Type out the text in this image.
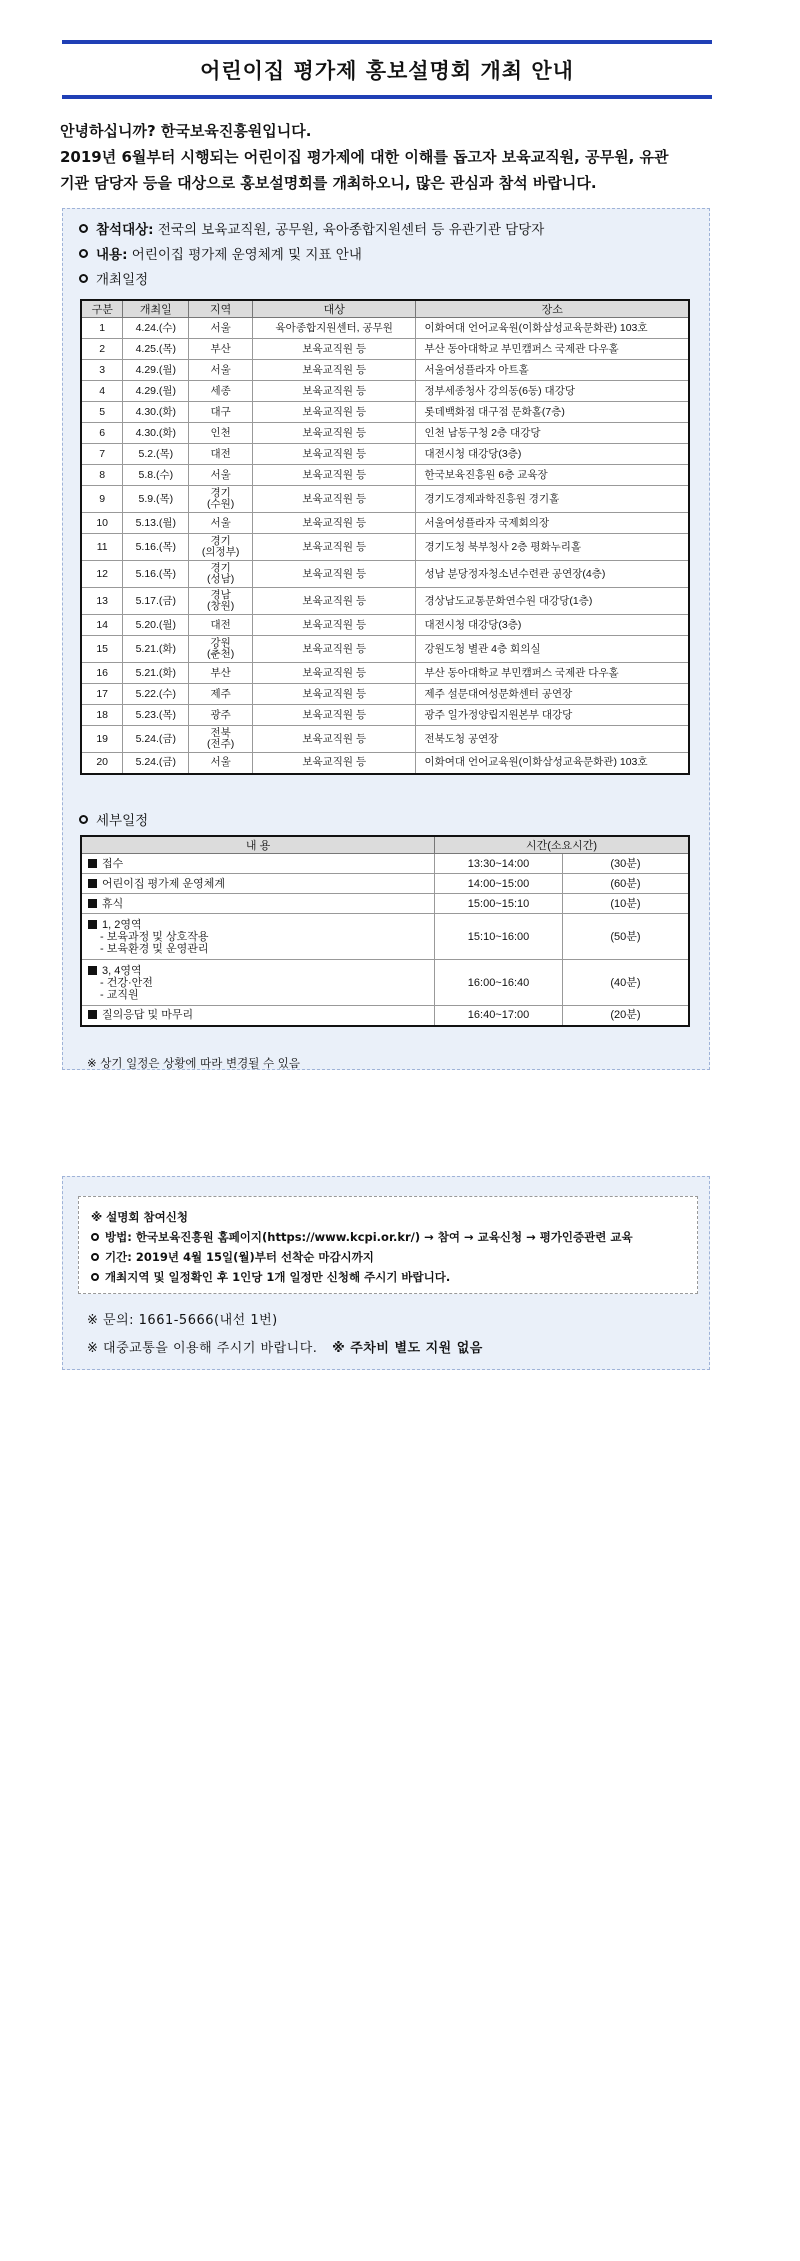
어린이집 평가제 홍보설명회 개최 안내
안녕하십니까? 한국보육진흥원입니다.
2019년 6월부터 시행되는 어린이집 평가제에 대한 이해를 돕고자 보육교직원, 공무원, 유관
기관 담당자 등을 대상으로 홍보설명회를 개최하오니, 많은 관심과 참석 바랍니다.
참석대상: 전국의 보육교직원, 공무원, 육아종합지원센터 등 유관기관 담당자
내용: 어린이집 평가제 운영체계 및 지표 안내
개최일정
구분	개최일	지역	대상	장소
1	4.24.(수)	서울	육아종합지원센터, 공무원	이화여대 언어교육원(이화삼성교육문화관) 103호
2	4.25.(목)	부산	보육교직원 등	부산 동아대학교 부민캠퍼스 국제관 다우홀
3	4.29.(월)	서울	보육교직원 등	서울여성플라자 아트홀
4	4.29.(월)	세종	보육교직원 등	정부세종청사 강의동(6동) 대강당
5	4.30.(화)	대구	보육교직원 등	롯데백화점 대구점 문화홀(7층)
6	4.30.(화)	인천	보육교직원 등	인천 남동구청 2층 대강당
7	5.2.(목)	대전	보육교직원 등	대전시청 대강당(3층)
8	5.8.(수)	서울	보육교직원 등	한국보육진흥원 6층 교육장
9	5.9.(목)	경기
(수원)	보육교직원 등	경기도경제과학진흥원 경기홀
10	5.13.(월)	서울	보육교직원 등	서울여성플라자 국제회의장
11	5.16.(목)	경기
(의정부)	보육교직원 등	경기도청 북부청사 2층 평화누리홀
12	5.16.(목)	경기
(성남)	보육교직원 등	성남 분당정자청소년수련관 공연장(4층)
13	5.17.(금)	경남
(창원)	보육교직원 등	경상남도교통문화연수원 대강당(1층)
14	5.20.(월)	대전	보육교직원 등	대전시청 대강당(3층)
15	5.21.(화)	강원
(춘천)	보육교직원 등	강원도청 별관 4층 회의실
16	5.21.(화)	부산	보육교직원 등	부산 동아대학교 부민캠퍼스 국제관 다우홀
17	5.22.(수)	제주	보육교직원 등	제주 설문대여성문화센터 공연장
18	5.23.(목)	광주	보육교직원 등	광주 일가정양립지원본부 대강당
19	5.24.(금)	전북
(전주)	보육교직원 등	전북도청 공연장
20	5.24.(금)	서울	보육교직원 등	이화여대 언어교육원(이화삼성교육문화관) 103호
세부일정
내 용	시간(소요시간)	
접수	13:30~14:00	(30분)
어린이집 평가제 운영체계	14:00~15:00	(60분)
휴식	15:00~15:10	(10분)
1, 2영역
- 보육과정 및 상호작용
- 보육환경 및 운영관리	15:10~16:00	(50분)
3, 4영역
- 건강·안전
- 교직원	16:00~16:40	(40분)
질의응답 및 마무리	16:40~17:00	(20분)
※ 상기 일정은 상황에 따라 변경될 수 있음
※ 설명회 참여신청
방법: 한국보육진흥원 홈페이지(https://www.kcpi.or.kr/) → 참여 → 교육신청 → 평가인증관련 교육
기간: 2019년 4월 15일(월)부터 선착순 마감시까지
개최지역 및 일정확인 후 1인당 1개 일정만 신청해 주시기 바랍니다.
※ 문의: 1661-5666(내선 1번)
※ 대중교통을 이용해 주시기 바랍니다. ※ 주차비 별도 지원 없음
